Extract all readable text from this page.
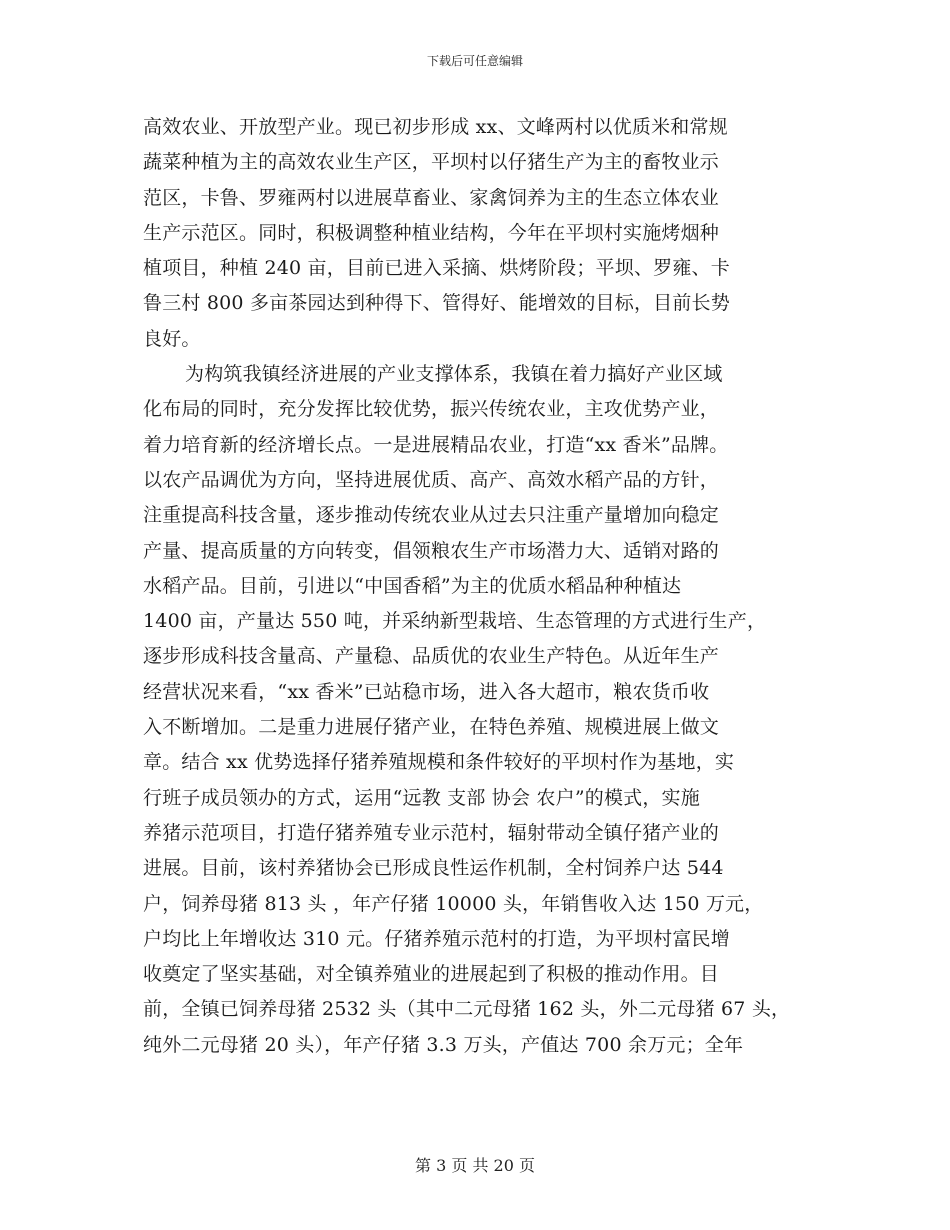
下载后可任意编辑
高效农业、开放型产业。现已初步形成 xx、文峰两村以优质米和常规
蔬菜种植为主的高效农业生产区，平坝村以仔猪生产为主的畜牧业示
范区，卡鲁、罗雍两村以进展草畜业、家禽饲养为主的生态立体农业
生产示范区。同时，积极调整种植业结构，今年在平坝村实施烤烟种
植项目，种植 240 亩，目前已进入采摘、烘烤阶段；平坝、罗雍、卡
鲁三村 800 多亩茶园达到种得下、管得好、能增效的目标，目前长势
良好。
为构筑我镇经济进展的产业支撑体系，我镇在着力搞好产业区域
化布局的同时，充分发挥比较优势，振兴传统农业，主攻优势产业，
着力培育新的经济增长点。一是进展精品农业，打造“xx 香米”品牌。
以农产品调优为方向，坚持进展优质、高产、高效水稻产品的方针，
注重提高科技含量，逐步推动传统农业从过去只注重产量增加向稳定
产量、提高质量的方向转变，倡领粮农生产市场潜力大、适销对路的
水稻产品。目前，引进以“中国香稻”为主的优质水稻品种种植达
1400 亩，产量达 550 吨，并采纳新型栽培、生态管理的方式进行生产，
逐步形成科技含量高、产量稳、品质优的农业生产特色。从近年生产
经营状况来看，“xx 香米”已站稳市场，进入各大超市，粮农货币收
入不断增加。二是重力进展仔猪产业，在特色养殖、规模进展上做文
章。结合 xx 优势选择仔猪养殖规模和条件较好的平坝村作为基地，实
行班子成员领办的方式，运用“远教 支部 协会 农户”的模式，实施
养猪示范项目，打造仔猪养殖专业示范村，辐射带动全镇仔猪产业的
进展。目前，该村养猪协会已形成良性运作机制，全村饲养户达 544
户，饲养母猪 813 头 ，年产仔猪 10000 头，年销售收入达 150 万元，
户均比上年增收达 310 元。仔猪养殖示范村的打造，为平坝村富民增
收奠定了坚实基础，对全镇养殖业的进展起到了积极的推动作用。目
前，全镇已饲养母猪 2532 头（其中二元母猪 162 头，外二元母猪 67 头，
纯外二元母猪 20 头），年产仔猪 3.3 万头，产值达 700 余万元；全年
第 3 页 共 20 页
